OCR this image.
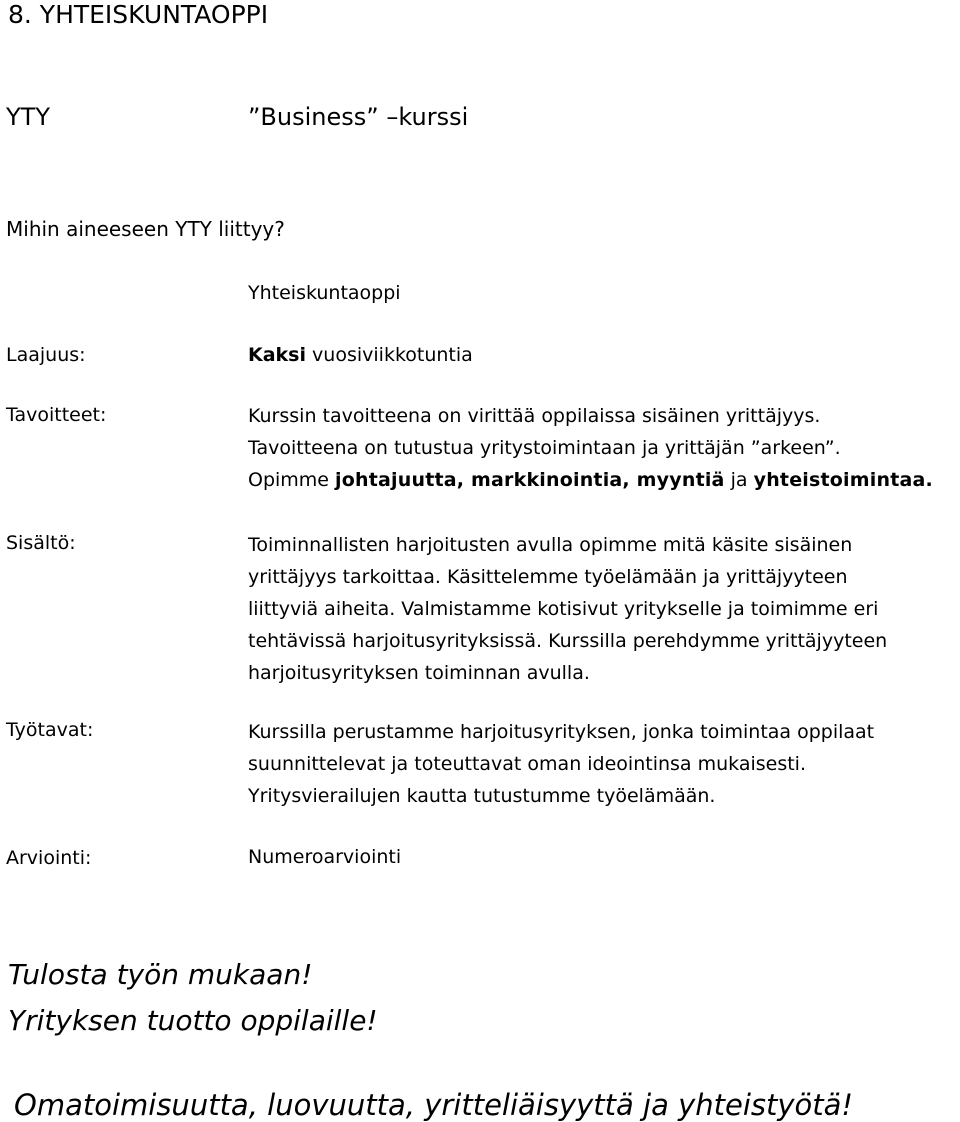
8. YHTEISKUNTAOPPI
YTY	”Business” –kurssi
Mihin aineeseen YTY liittyy?
Yhteiskuntaoppi
Laajuus:	Kaksi vuosiviikkotuntia
Tavoitteet:	Kurssin tavoitteena on virittää oppilaissa sisäinen yrittäjyys.
Tavoitteena on tutustua yritystoimintaan ja yrittäjän ”arkeen”.
Opimme johtajuutta, markkinointia, myyntiä ja yhteistoimintaa.
Sisältö:	Toiminnallisten harjoitusten avulla opimme mitä käsite sisäinen
yrittäjyys tarkoittaa. Käsittelemme työelämään ja yrittäjyyteen
liittyviä aiheita. Valmistamme kotisivut yritykselle ja toimimme eri
tehtävissä harjoitusyrityksissä. Kurssilla perehdymme yrittäjyyteen
harjoitusyrityksen toiminnan avulla.
Työtavat:	Kurssilla perustamme harjoitusyrityksen, jonka toimintaa oppilaat
suunnittelevat ja toteuttavat oman ideointinsa mukaisesti.
Yritysvierailujen kautta tutustumme työelämään.
Arviointi:	Numeroarviointi
Tulosta työn mukaan!
Yrityksen tuotto oppilaille!
Omatoimisuutta, luovuutta, yritteliäisyyttä ja yhteistyötä!
